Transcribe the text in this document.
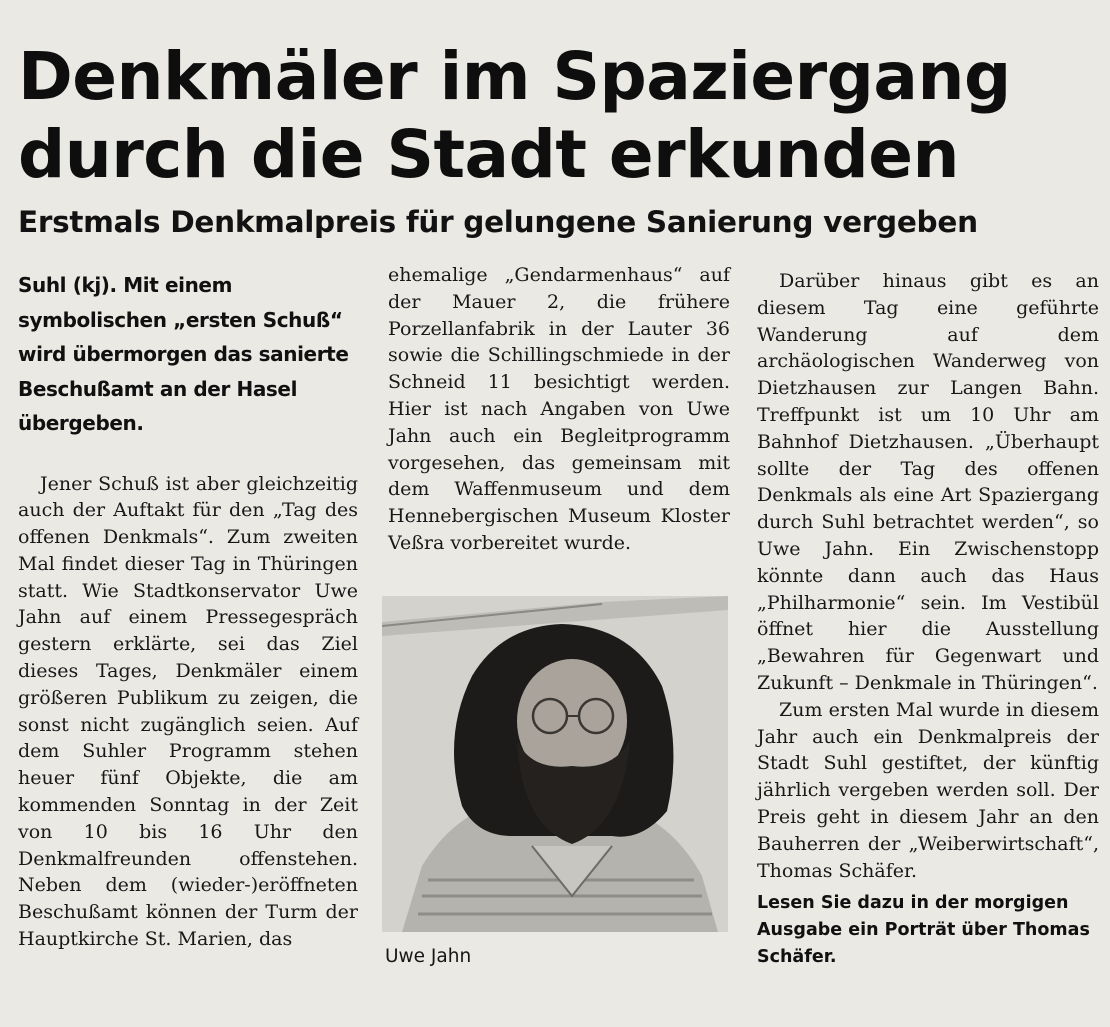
Denkmäler im Spaziergang
durch die Stadt erkunden
Erstmals Denkmalpreis für gelungene Sanierung vergeben

Suhl (kj). Mit einem symbolischen „ersten Schuß“ wird übermorgen das sanierte Beschußamt an der Hasel übergeben.

Jener Schuß ist aber gleichzeitig auch der Auftakt für den „Tag des offenen Denkmals“. Zum zweiten Mal findet dieser Tag in Thüringen statt. Wie Stadtkonservator Uwe Jahn auf einem Pressegespräch gestern erklärte, sei das Ziel dieses Tages, Denkmäler einem größeren Publikum zu zeigen, die sonst nicht zugänglich seien. Auf dem Suhler Programm stehen heuer fünf Objekte, die am kommenden Sonntag in der Zeit von 10 bis 16 Uhr den Denkmalfreunden offenstehen. Neben dem (wieder-)eröffneten Beschußamt können der Turm der Hauptkirche St. Marien, das

ehemalige „Gendarmenhaus“ auf der Mauer 2, die frühere Porzellanfabrik in der Lauter 36 sowie die Schillingschmiede in der Schneid 11 besichtigt werden. Hier ist nach Angaben von Uwe Jahn auch ein Begleitprogramm vorgesehen, das gemeinsam mit dem Waffenmuseum und dem Hennebergischen Museum Kloster Veßra vorbereitet wurde.

Uwe Jahn

Darüber hinaus gibt es an diesem Tag eine geführte Wanderung auf dem archäologischen Wanderweg von Dietzhausen zur Langen Bahn. Treffpunkt ist um 10 Uhr am Bahnhof Dietzhausen. „Überhaupt sollte der Tag des offenen Denkmals als eine Art Spaziergang durch Suhl betrachtet werden“, so Uwe Jahn. Ein Zwischenstopp könnte dann auch das Haus „Philharmonie“ sein. Im Vestibül öffnet hier die Ausstellung „Bewahren für Gegenwart und Zukunft – Denkmale in Thüringen“.

Zum ersten Mal wurde in diesem Jahr auch ein Denkmalpreis der Stadt Suhl gestiftet, der künftig jährlich vergeben werden soll. Der Preis geht in diesem Jahr an den Bauherren der „Weiberwirtschaft“, Thomas Schäfer.

Lesen Sie dazu in der morgigen Ausgabe ein Porträt über Thomas Schäfer.
